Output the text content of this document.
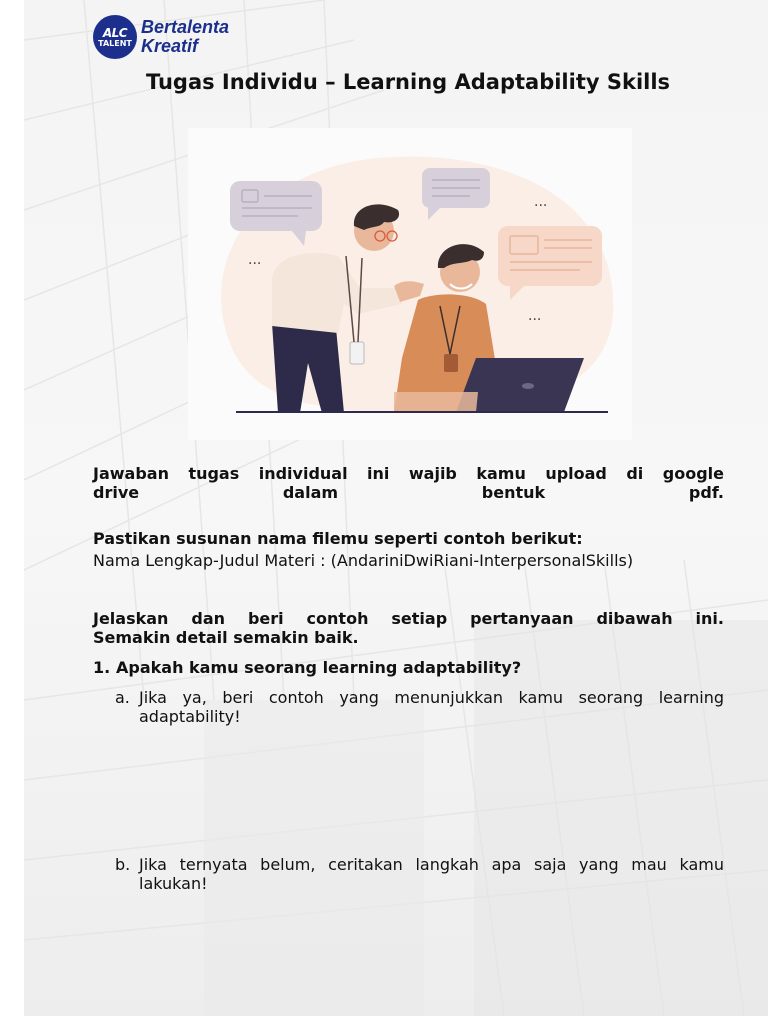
ALC
TALENT
Bertalenta
Kreatif
Tugas Individu – Learning Adaptability Skills
...
...
...

Jawaban tugas individual ini wajib kamu upload di google

drive dalam bentuk pdf.

Pastikan susunan nama filemu seperti contoh berikut:

Nama Lengkap-Judul Materi : (AndariniDwiRiani-InterpersonalSkills)

Jelaskan dan beri contoh setiap pertanyaan dibawah ini.

Semakin detail semakin baik.

1. Apakah kamu seorang learning adaptability?
a. Jika ya, beri contoh yang menunjukkan kamu seorang learning adaptability!
b. Jika ternyata belum, ceritakan langkah apa saja yang mau kamu lakukan!
